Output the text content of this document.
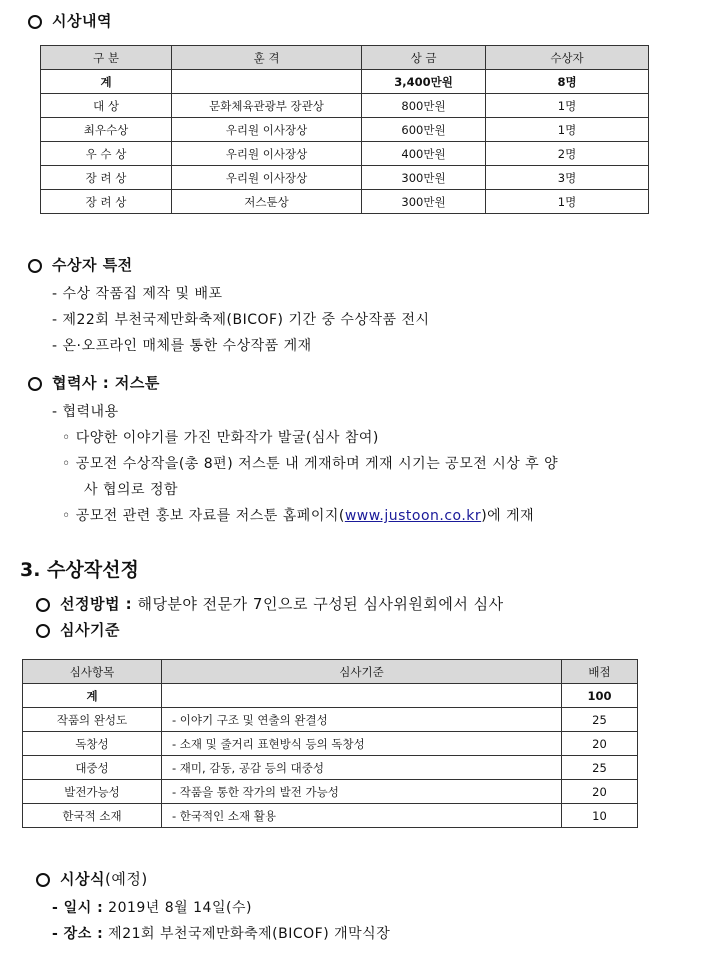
시상내역
구 분	훈 격	상 금	수상자
계		3,400만원	8명
대 상	문화체육관광부 장관상	800만원	1명
최우수상	우리원 이사장상	600만원	1명
우 수 상	우리원 이사장상	400만원	2명
장 려 상	우리원 이사장상	300만원	3명
장 려 상	저스툰상	300만원	1명
수상자 특전
- 수상 작품집 제작 및 배포
- 제22회 부천국제만화축제(BICOF) 기간 중 수상작품 전시
- 온·오프라인 매체를 통한 수상작품 게재
협력사 : 저스툰
- 협력내용
◦ 다양한 이야기를 가진 만화작가 발굴(심사 참여)
◦ 공모전 수상작을(총 8편) 저스툰 내 게재하며 게재 시기는 공모전 시상 후 양
사 협의로 정함
◦ 공모전 관련 홍보 자료를 저스툰 홈페이지(www.justoon.co.kr)에 게재
3. 수상작선정
선정방법 : 해당분야 전문가 7인으로 구성된 심사위원회에서 심사
심사기준
심사항목	심사기준	배점
계		100
작품의 완성도	- 이야기 구조 및 연출의 완결성	25
독창성	- 소재 및 줄거리 표현방식 등의 독창성	20
대중성	- 재미, 감동, 공감 등의 대중성	25
발전가능성	- 작품을 통한 작가의 발전 가능성	20
한국적 소재	- 한국적인 소재 활용	10
시상식(예정)
- 일시 : 2019년 8월 14일(수)
- 장소 : 제21회 부천국제만화축제(BICOF) 개막식장
